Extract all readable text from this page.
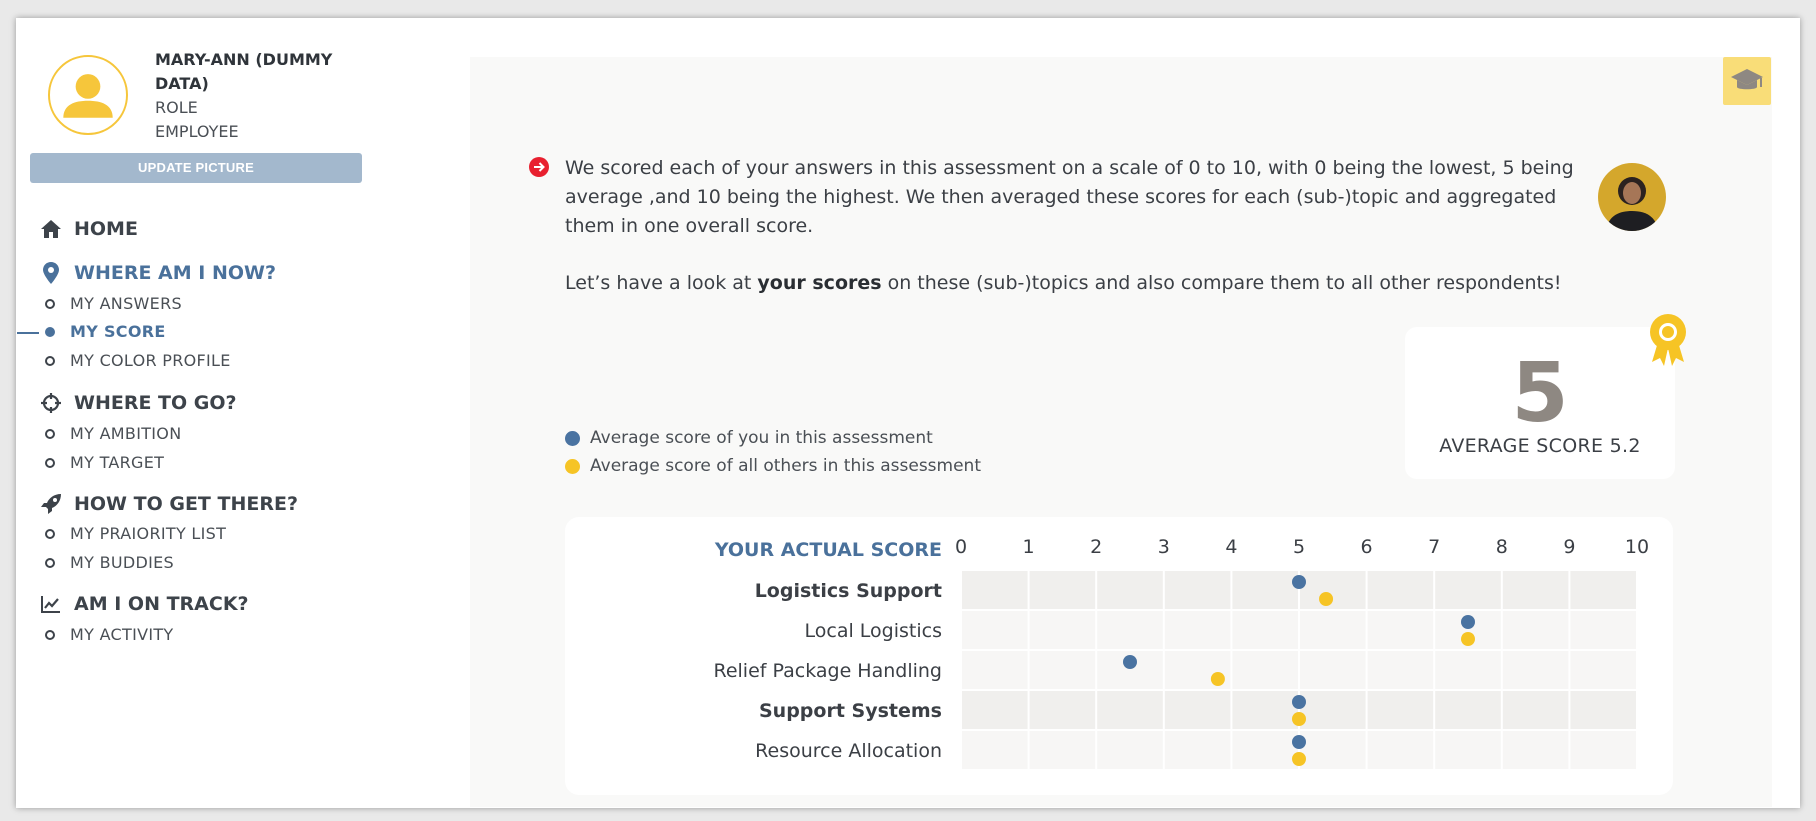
MARY-ANN (DUMMY DATA)
ROLE
EMPLOYEE
UPDATE PICTURE
HOME
WHERE AM I NOW?
MY ANSWERS
MY SCORE
MY COLOR PROFILE
WHERE TO GO?
MY AMBITION
MY TARGET
HOW TO GET THERE?
MY PRAIORITY LIST
MY BUDDIES
AM I ON TRACK?
MY ACTIVITY
We scored each of your answers in this assessment on a scale of 0 to 10, with 0 being the lowest, 5 being average ,and 10 being the highest. We then averaged these scores for each (sub-)topic and aggregated them in one overall score.
Let’s have a look at your scores on these (sub-)topics and also compare them to all other respondents!
5
AVERAGE SCORE 5.2
Average score of you in this assessment
Average score of all others in this assessment
YOUR ACTUAL SCORE 0	1	2	3	4	5	6	7	8	9	10
Logistics Support
Local Logistics
Relief Package Handling
Support Systems
Resource Allocation
